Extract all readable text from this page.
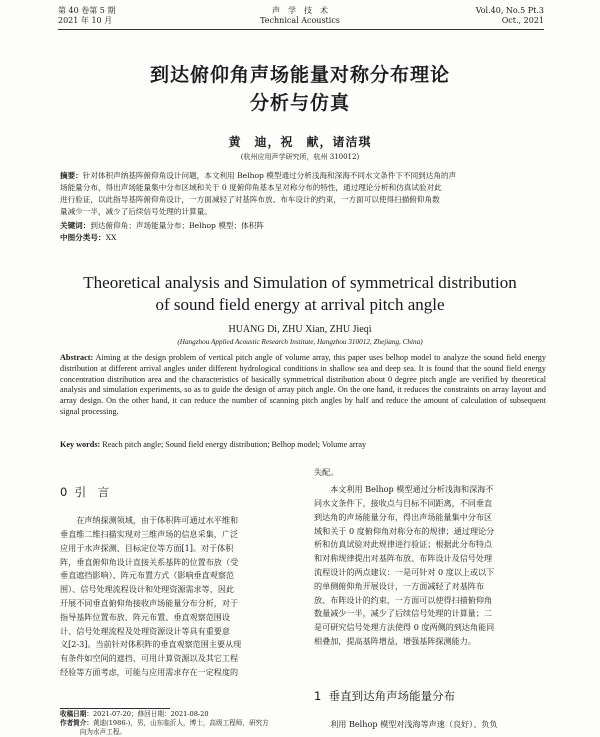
第 40 卷第 5 期
2021 年 10 月
声　学　技　术
Technical Acoustics
Vol.40, No.5 Pt.3
Oct., 2021
到达俯仰角声场能量对称分布理论
分析与仿真
黄　迪，祝　献，诸洁琪
(杭州应用声学研究所，杭州 310012)
摘要：针对体积声纳基阵俯仰角设计问题，本文利用 Belhop 模型通过分析浅海和深海不同水文条件下不同到达角的声
场能量分布，得出声场能量集中分布区域和关于 0 度俯仰角基本呈对称分布的特性，通过理论分析和仿真试验对此
进行验证，以此指导基阵俯仰角设计，一方面减轻了对基阵布放、布车设计的约束，一方面可以使得扫描俯仰角数
量减少一半，减少了后续信号处理的计算量。
关键词：到达俯仰角；声场能量分布；Belhop 模型；体积阵
中图分类号：XX
Theoretical analysis and Simulation of symmetrical distribution
of sound field energy at arrival pitch angle
HUANG Di, ZHU Xian, ZHU Jieqi
(Hangzhou Applied Acoustic Research Institute, Hangzhou 310012, Zhejiang, China)
Abstract: Aiming at the design problem of vertical pitch angle of volume array, this paper uses belhop model to analyze the sound field energy distribution at different arrival angles under different hydrological conditions in shallow sea and deep sea. It is found that the sound field energy concentration distribution area and the characteristics of basically symmetrical distribution about 0 degree pitch angle are verified by theoretical analysis and simulation experiments, so as to guide the design of array pitch angle. On the one hand, it reduces the constraints on array layout and array design. On the other hand, it can reduce the number of scanning pitch angles by half and reduce the amount of calculation of subsequent signal processing.
Key words: Reach pitch angle; Sound field energy distribution; Belhop model; Volume array
0 引　言
在声纳探测领域，由于体积阵可通过水平维和
垂直维二维扫描实现对三维声场的信息采集，广泛
应用于水声探测、目标定位等方面[1]。对于体积
阵，垂直俯仰角设计直接关系基阵的位置布放（受
垂直遮挡影响）、阵元布置方式（影响垂直观察范
围）、信号处理流程设计和处理资源需求等，因此
开展不同垂直俯仰角接收声场能量分布分析，对于
指导基阵位置布放、阵元布置、垂直观察范围设
计、信号处理流程及处理资源设计等具有重要意
义[2-3]。当前针对体积阵的垂直观察范围主要从现
有条件如空间的遮挡、可用计算资源以及其它工程
经验等方面考虑，可能与应用需求存在一定程度的
收稿日期：2021-07-20；修回日期：2021-08-20
作者简介：黄迪(1986-)，男，山东临沂人，博士，高级工程师，研究方
向为水声工程。
失配。
本文利用 Belhop 模型通过分析浅海和深海不
同水文条件下，接收点与目标不同距离，不同垂直
到达角的声场能量分布，得出声场能量集中分布区
域和关于 0 度俯仰角对称分布的规律；通过理论分
析和仿真试验对此规律进行验证；根据此分布特点
和对称规律提出对基阵布放、布阵设计及信号处理
流程设计的两点建议：一是可针对 0 度以上或以下
的单侧俯仰角开展设计，一方面减轻了对基阵布
放、布阵设计的约束，一方面可以使得扫描俯仰角
数量减少一半，减少了后续信号处理的计算量；二
是可研究信号处理方法使得 0 度两侧的到达角能同
相叠加，提高基阵增益，增强基阵探测能力。
1 垂直到达角声场能量分布
利用 Belhop 模型对浅海等声速（良好）、负负
